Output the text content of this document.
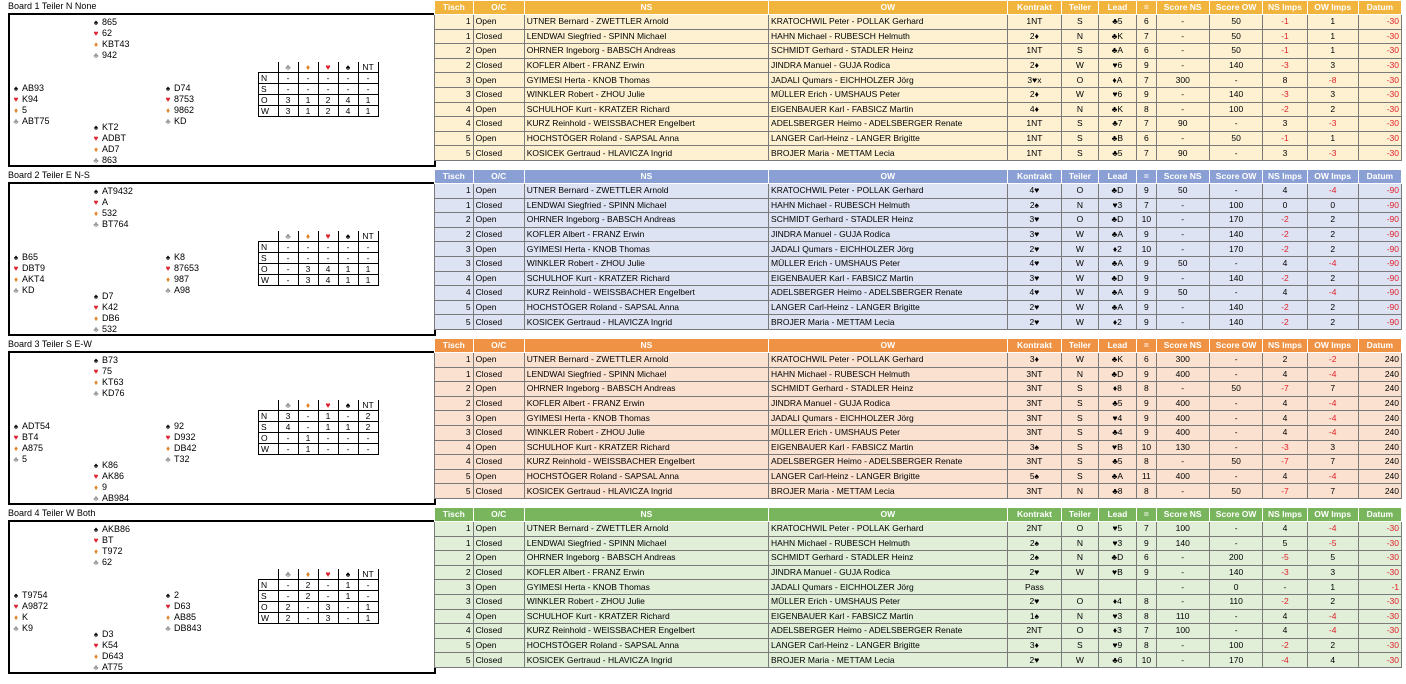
Board 1 Teiler N None
♠ 865
♥ 62
♦ KBT43
♣ 942
♠ AB93
♥ K94
♦ 5
♣ ABT75
♠ D74
♥ 8753
♦ 9862
♣ KD
♠ KT2
♥ ADBT
♦ AD7
♣ 863
	♣	♦	♥	♠	NT
N	-	-	-	-	-
S	-	-	-	-	-
O	3	1	2	4	1
W	3	1	2	4	1
Tisch	O/C	NS	OW	Kontrakt	Teiler	Lead	=	Score NS	Score OW	NS Imps	OW Imps	Datum
1	Open	UTNER Bernard - ZWETTLER Arnold	KRATOCHWIL Peter - POLLAK Gerhard	1NT	S	♣5	6	-	50	-1	1	-30
1	Closed	LENDWAI Siegfried - SPINN Michael	HAHN Michael - RUBESCH Helmuth	2♦	N	♣K	7	-	50	-1	1	-30
2	Open	OHRNER Ingeborg - BABSCH Andreas	SCHMIDT Gerhard - STADLER Heinz	1NT	S	♣A	6	-	50	-1	1	-30
2	Closed	KOFLER Albert - FRANZ Erwin	JINDRA Manuel - GUJA Rodica	2♦	W	♥6	9	-	140	-3	3	-30
3	Open	GYIMESI Herta - KNOB Thomas	JADALI Qumars - EICHHOLZER Jörg	3♥x	O	♦A	7	300	-	8	-8	-30
3	Closed	WINKLER Robert - ZHOU Julie	MÜLLER Erich - UMSHAUS Peter	2♦	W	♥6	9	-	140	-3	3	-30
4	Open	SCHULHOF Kurt - KRATZER Richard	EIGENBAUER Karl - FABSICZ Martin	4♦	N	♣K	8	-	100	-2	2	-30
4	Closed	KURZ Reinhold - WEISSBACHER Engelbert	ADELSBERGER Heimo - ADELSBERGER Renate	1NT	S	♣7	7	90	-	3	-3	-30
5	Open	HOCHSTÖGER Roland - SAPSAL Anna	LANGER Carl-Heinz - LANGER Brigitte	1NT	S	♣B	6	-	50	-1	1	-30
5	Closed	KOSICEK Gertraud - HLAVICZA Ingrid	BROJER Maria - METTAM Lecia	1NT	S	♣5	7	90	-	3	-3	-30
Board 2 Teiler E N-S
♠ AT9432
♥ A
♦ 532
♣ BT764
♠ B65
♥ DBT9
♦ AKT4
♣ KD
♠ K8
♥ 87653
♦ 987
♣ A98
♠ D7
♥ K42
♦ DB6
♣ 532
	♣	♦	♥	♠	NT
N	-	-	-	-	-
S	-	-	-	-	-
O	-	3	4	1	1
W	-	3	4	1	1
Tisch	O/C	NS	OW	Kontrakt	Teiler	Lead	=	Score NS	Score OW	NS Imps	OW Imps	Datum
1	Open	UTNER Bernard - ZWETTLER Arnold	KRATOCHWIL Peter - POLLAK Gerhard	4♥	O	♣D	9	50	-	4	-4	-90
1	Closed	LENDWAI Siegfried - SPINN Michael	HAHN Michael - RUBESCH Helmuth	2♠	N	♥3	7	-	100	0	0	-90
2	Open	OHRNER Ingeborg - BABSCH Andreas	SCHMIDT Gerhard - STADLER Heinz	3♥	O	♣D	10	-	170	-2	2	-90
2	Closed	KOFLER Albert - FRANZ Erwin	JINDRA Manuel - GUJA Rodica	3♥	W	♣A	9	-	140	-2	2	-90
3	Open	GYIMESI Herta - KNOB Thomas	JADALI Qumars - EICHHOLZER Jörg	2♥	W	♦2	10	-	170	-2	2	-90
3	Closed	WINKLER Robert - ZHOU Julie	MÜLLER Erich - UMSHAUS Peter	4♥	W	♣A	9	50	-	4	-4	-90
4	Open	SCHULHOF Kurt - KRATZER Richard	EIGENBAUER Karl - FABSICZ Martin	3♥	W	♣D	9	-	140	-2	2	-90
4	Closed	KURZ Reinhold - WEISSBACHER Engelbert	ADELSBERGER Heimo - ADELSBERGER Renate	4♥	W	♣A	9	50	-	4	-4	-90
5	Open	HOCHSTÖGER Roland - SAPSAL Anna	LANGER Carl-Heinz - LANGER Brigitte	2♥	W	♣A	9	-	140	-2	2	-90
5	Closed	KOSICEK Gertraud - HLAVICZA Ingrid	BROJER Maria - METTAM Lecia	2♥	W	♦2	9	-	140	-2	2	-90
Board 3 Teiler S E-W
♠ B73
♥ 75
♦ KT63
♣ KD76
♠ ADT54
♥ BT4
♦ A875
♣ 5
♠ 92
♥ D932
♦ DB42
♣ T32
♠ K86
♥ AK86
♦ 9
♣ AB984
	♣	♦	♥	♠	NT
N	3	-	1	-	2
S	4	-	1	1	2
O	-	1	-	-	-
W	-	1	-	-	-
Tisch	O/C	NS	OW	Kontrakt	Teiler	Lead	=	Score NS	Score OW	NS Imps	OW Imps	Datum
1	Open	UTNER Bernard - ZWETTLER Arnold	KRATOCHWIL Peter - POLLAK Gerhard	3♦	W	♣K	6	300	-	2	-2	240
1	Closed	LENDWAI Siegfried - SPINN Michael	HAHN Michael - RUBESCH Helmuth	3NT	N	♣D	9	400	-	4	-4	240
2	Open	OHRNER Ingeborg - BABSCH Andreas	SCHMIDT Gerhard - STADLER Heinz	3NT	S	♦8	8	-	50	-7	7	240
2	Closed	KOFLER Albert - FRANZ Erwin	JINDRA Manuel - GUJA Rodica	3NT	S	♣5	9	400	-	4	-4	240
3	Open	GYIMESI Herta - KNOB Thomas	JADALI Qumars - EICHHOLZER Jörg	3NT	S	♥4	9	400	-	4	-4	240
3	Closed	WINKLER Robert - ZHOU Julie	MÜLLER Erich - UMSHAUS Peter	3NT	S	♣4	9	400	-	4	-4	240
4	Open	SCHULHOF Kurt - KRATZER Richard	EIGENBAUER Karl - FABSICZ Martin	3♠	S	♥B	10	130	-	-3	3	240
4	Closed	KURZ Reinhold - WEISSBACHER Engelbert	ADELSBERGER Heimo - ADELSBERGER Renate	3NT	S	♣5	8	-	50	-7	7	240
5	Open	HOCHSTÖGER Roland - SAPSAL Anna	LANGER Carl-Heinz - LANGER Brigitte	5♠	S	♣A	11	400	-	4	-4	240
5	Closed	KOSICEK Gertraud - HLAVICZA Ingrid	BROJER Maria - METTAM Lecia	3NT	N	♣8	8	-	50	-7	7	240
Board 4 Teiler W Both
♠ AKB86
♥ BT
♦ T972
♣ 62
♠ T9754
♥ A9872
♦ K
♣ K9
♠ 2
♥ D63
♦ AB85
♣ DB843
♠ D3
♥ K54
♦ D643
♣ AT75
	♣	♦	♥	♠	NT
N	-	2	-	1	-
S	-	2	-	1	-
O	2	-	3	-	1
W	2	-	3	-	1
Tisch	O/C	NS	OW	Kontrakt	Teiler	Lead	=	Score NS	Score OW	NS Imps	OW Imps	Datum
1	Open	UTNER Bernard - ZWETTLER Arnold	KRATOCHWIL Peter - POLLAK Gerhard	2NT	O	♥5	7	100	-	4	-4	-30
1	Closed	LENDWAI Siegfried - SPINN Michael	HAHN Michael - RUBESCH Helmuth	2♠	N	♥3	9	140	-	5	-5	-30
2	Open	OHRNER Ingeborg - BABSCH Andreas	SCHMIDT Gerhard - STADLER Heinz	2♠	N	♣D	6	-	200	-5	5	-30
2	Closed	KOFLER Albert - FRANZ Erwin	JINDRA Manuel - GUJA Rodica	2♥	W	♥B	9	-	140	-3	3	-30
3	Open	GYIMESI Herta - KNOB Thomas	JADALI Qumars - EICHHOLZER Jörg	Pass				-	0	-	1	-1
3	Closed	WINKLER Robert - ZHOU Julie	MÜLLER Erich - UMSHAUS Peter	2♥	O	♦4	8	-	110	-2	2	-30
4	Open	SCHULHOF Kurt - KRATZER Richard	EIGENBAUER Karl - FABSICZ Martin	1♠	N	♥3	8	110	-	4	-4	-30
4	Closed	KURZ Reinhold - WEISSBACHER Engelbert	ADELSBERGER Heimo - ADELSBERGER Renate	2NT	O	♦3	7	100	-	4	-4	-30
5	Open	HOCHSTÖGER Roland - SAPSAL Anna	LANGER Carl-Heinz - LANGER Brigitte	3♦	S	♥9	8	-	100	-2	2	-30
5	Closed	KOSICEK Gertraud - HLAVICZA Ingrid	BROJER Maria - METTAM Lecia	2♥	W	♣6	10	-	170	-4	4	-30
